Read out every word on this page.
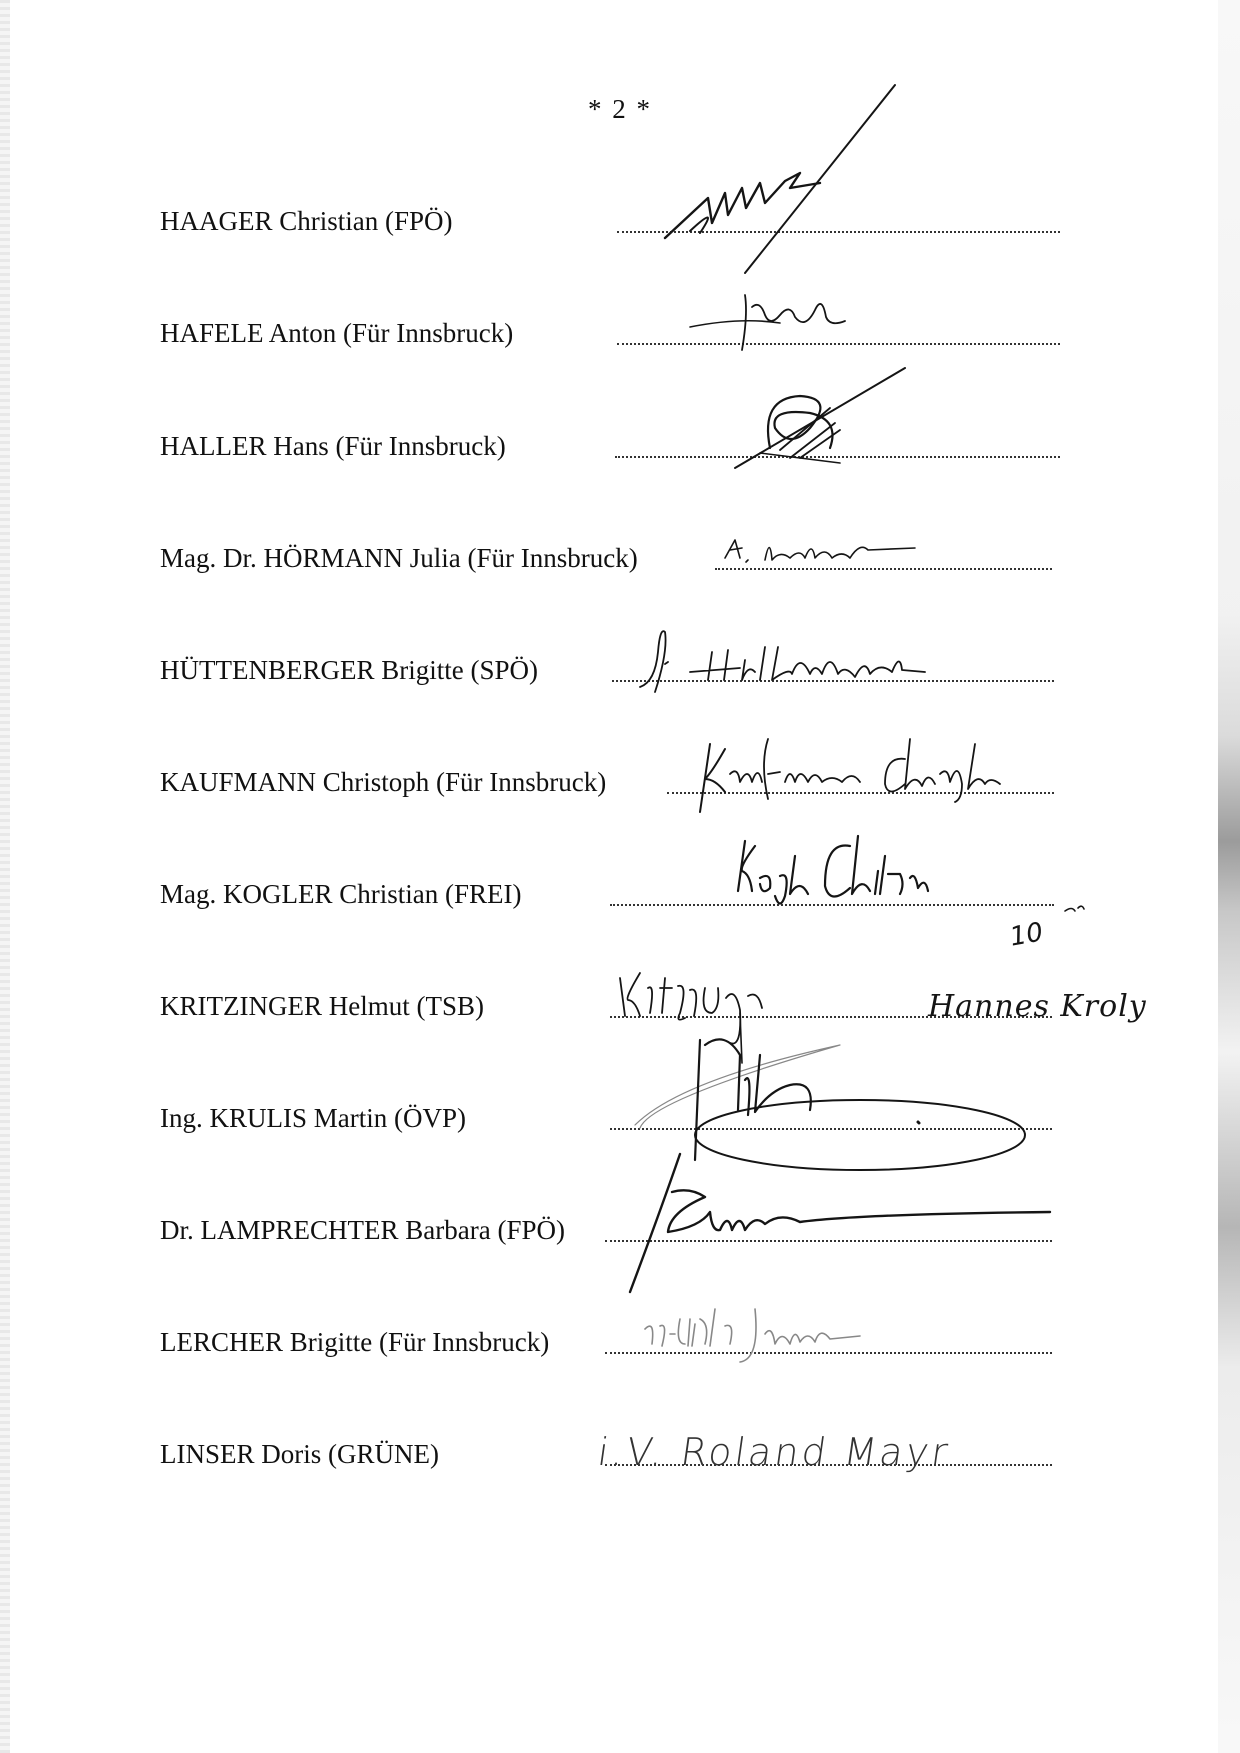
* 2 *
HAAGER Christian (FPÖ)
HAFELE Anton (Für Innsbruck)
HALLER Hans (Für Innsbruck)
Mag. Dr. HÖRMANN Julia (Für Innsbruck)
HÜTTENBERGER Brigitte (SPÖ)
KAUFMANN Christoph (Für Innsbruck)
Mag. KOGLER Christian (FREI)
10
KRITZINGER Helmut (TSB)	Hannes Kroly
Ing. KRULIS Martin (ÖVP)
Dr. LAMPRECHTER Barbara (FPÖ)
LERCHER Brigitte (Für Innsbruck)
LINSER Doris (GRÜNE)	i.V. Roland Mayr
